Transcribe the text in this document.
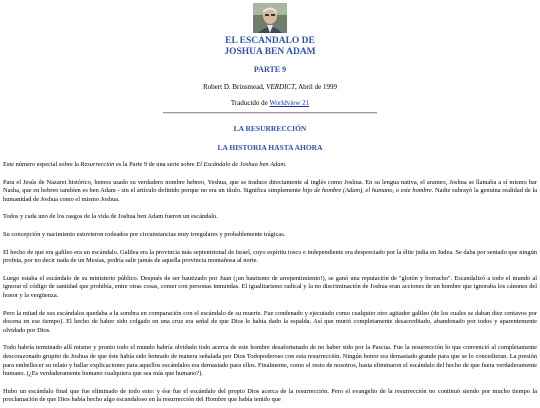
EL ESCANDALO DE
JOSHUA BEN ADAM
PARTE 9
Robert D. Brinsmead, VERDICT, Abril de 1999
Traducido de Worldview 21
LA RESURRECCIÓN
LA HISTORIA HASTA AHORA

Este número especial sobre la Resurrección es la Parte 9 de una serie sobre El Escándalo de Joshua ben Adam.

Para el Jesús de Nazaret histórico, hemos usado su verdadero nombre hebreo, Yeshua, que se traduce directamente al inglés como Joshua. En su lengua nativa, el arameo, Joshua se llamaba a sí mismo bar Nasha, que en hebreo tambíen es ben Adam - sin el artículo definido porque no era un título. Significa simplemente hijo de hombre (Adam), el humano, o este hombre. Nadie subrayó la genuina realidad de la humanidad de Joshua como el mismo Joshua.

Todos y cada uno de los rasgos de la vida de Joshua ben Adam fueron un escándalo.

Su concepción y nacimiento estuvieron rodeados por circunstancias muy irregulares y probablemente trágicas.

El hecho de que era galileo era un escándalo. Galilea era la provincia más septentrional de Israel, cuyo espíritu tosco e independiente era despreciado por la élite judía en Judea. Se daba por sentado que ningún profeta, por no decir nada de un Mesías, podría salir jamás de aquella provincia montañosa al norte.

Luego estaba el escándalo de su ministerio público. Después de ser bautizado por Juan (¡un bautismo de arrepentimiento!), se ganó una reputación de "glotón y borracho". Escandalizó a todo el mundo al ignorar el código de santidad que prohibía, entre otras cosas, comer con personas inmundas. El igualitarismo radical y la no discriminación de Joshua eran acciones de un hombre que ignoraba los cánones del honor y la vergüenza.

Pero la mitad de sus escándalos quedaba a la sombra en comparación con el escándalo de su muerte. Fue condenado y ejecutado como cualquier otro agitador galileo (de los cuales se daban diez centavos por docena en ese tiempo). El hecho de haber sido colgado en una cruz era señal de que Dios le había dado la espalda. Así que murió completamente desacreditado, abandonado por todos y aparentemente olvidado por Dios.

Todo habría terminado allí mismo y pronto todo el mundo habría olvidado todo acerca de este hombre desafortunado de no haber sido por la Pascua. Fue la resurrección lo que convenció al completamente descorazonado grupito de Joshua de que éste había sido honrado de manera señalada por Dios Todopoderoso con esta resurrección. Ningún honor era demasiado grande para que se lo concedieran. La presión para embellecer su relato y hallar explicaciones para aquellos escándalos era demasiado para ellos. Finalmente, como el resto de nosotros, hasta eliminaron el escándalo del hecho de que fuera verdaderamente humano. (¿Es verdaderamente humano cualquiera que sea más que humano?).

Hubo un escándalo final que fue eliminado de todo esto: y ése fue el escándalo del propio Dios acerca de la resurrección. Pero el evangelio de la resurrección no continuó siendo por mucho tiempo la proclamación de que Dios había hecho algo escandaloso en la resurrección del Hombre que había tenido que
